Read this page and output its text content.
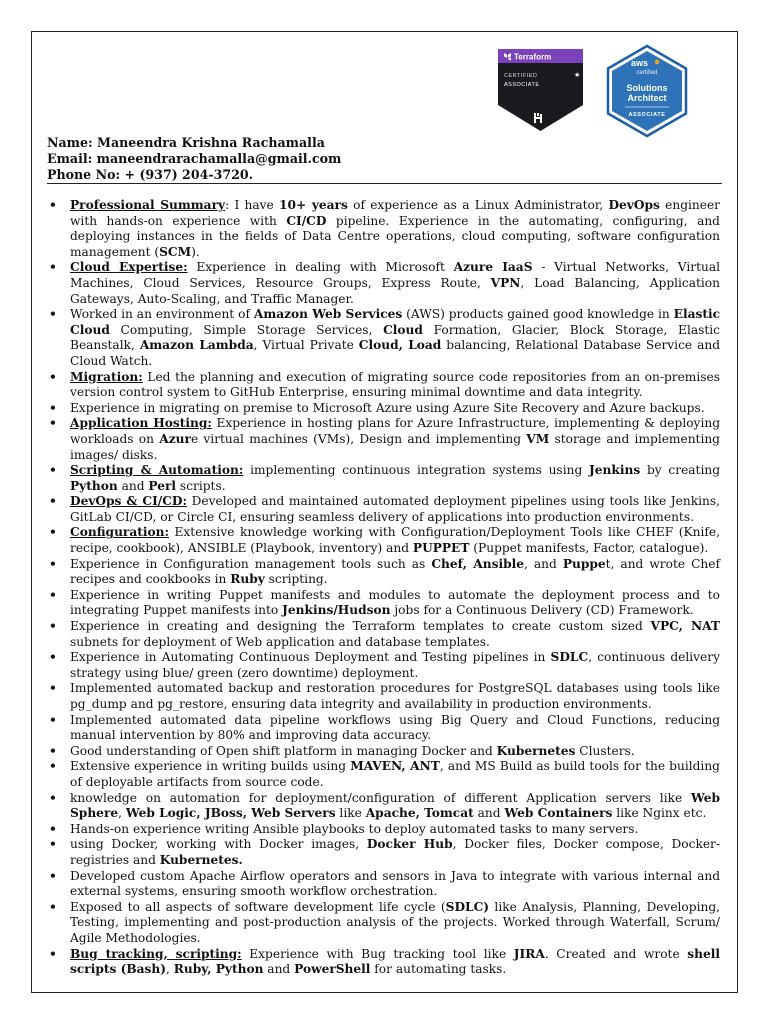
Terraform
CERTIFIED
ASSOCIATE
★
aws
certified
Solutions
Architect
ASSOCIATE
Name: Maneendra Krishna Rachamalla
Email: maneendrarachamalla@gmail.com
Phone No: + (937) 204-3720.
• Professional Summary: I have 10+ years of experience as a Linux Administrator, DevOps engineer with hands-on experience with CI/CD pipeline. Experience in the automating, configuring, and deploying instances in the fields of Data Centre operations, cloud computing, software configuration management (SCM).
• Cloud Expertise: Experience in dealing with Microsoft Azure IaaS - Virtual Networks, Virtual Machines, Cloud Services, Resource Groups, Express Route, VPN, Load Balancing, Application Gateways, Auto-Scaling, and Traffic Manager.
• Worked in an environment of Amazon Web Services (AWS) products gained good knowledge in Elastic Cloud Computing, Simple Storage Services, Cloud Formation, Glacier, Block Storage, Elastic Beanstalk, Amazon Lambda, Virtual Private Cloud, Load balancing, Relational Database Service and Cloud Watch.
• Migration: Led the planning and execution of migrating source code repositories from an on-premises version control system to GitHub Enterprise, ensuring minimal downtime and data integrity.
• Experience in migrating on premise to Microsoft Azure using Azure Site Recovery and Azure backups.
• Application Hosting: Experience in hosting plans for Azure Infrastructure, implementing & deploying workloads on Azure virtual machines (VMs), Design and implementing VM storage and implementing images/ disks.
• Scripting & Automation: implementing continuous integration systems using Jenkins by creating Python and Perl scripts.
• DevOps & CI/CD: Developed and maintained automated deployment pipelines using tools like Jenkins, GitLab CI/CD, or Circle CI, ensuring seamless delivery of applications into production environments.
• Configuration: Extensive knowledge working with Configuration/Deployment Tools like CHEF (Knife, recipe, cookbook), ANSIBLE (Playbook, inventory) and PUPPET (Puppet manifests, Factor, catalogue).
• Experience in Configuration management tools such as Chef, Ansible, and Puppet, and wrote Chef recipes and cookbooks in Ruby scripting.
• Experience in writing Puppet manifests and modules to automate the deployment process and to integrating Puppet manifests into Jenkins/Hudson jobs for a Continuous Delivery (CD) Framework.
• Experience in creating and designing the Terraform templates to create custom sized VPC, NAT subnets for deployment of Web application and database templates.
• Experience in Automating Continuous Deployment and Testing pipelines in SDLC, continuous delivery strategy using blue/ green (zero downtime) deployment.
• Implemented automated backup and restoration procedures for PostgreSQL databases using tools like pg_dump and pg_restore, ensuring data integrity and availability in production environments.
• Implemented automated data pipeline workflows using Big Query and Cloud Functions, reducing manual intervention by 80% and improving data accuracy.
• Good understanding of Open shift platform in managing Docker and Kubernetes Clusters.
• Extensive experience in writing builds using MAVEN, ANT, and MS Build as build tools for the building of deployable artifacts from source code.
• knowledge on automation for deployment/configuration of different Application servers like Web Sphere, Web Logic, JBoss, Web Servers like Apache, Tomcat and Web Containers like Nginx etc.
• Hands-on experience writing Ansible playbooks to deploy automated tasks to many servers.
• using Docker, working with Docker images, Docker Hub, Docker files, Docker compose, Docker-registries and Kubernetes.
• Developed custom Apache Airflow operators and sensors in Java to integrate with various internal and external systems, ensuring smooth workflow orchestration.
• Exposed to all aspects of software development life cycle (SDLC) like Analysis, Planning, Developing, Testing, implementing and post-production analysis of the projects. Worked through Waterfall, Scrum/ Agile Methodologies.
• Bug tracking, scripting: Experience with Bug tracking tool like JIRA. Created and wrote shell scripts (Bash), Ruby, Python and PowerShell for automating tasks.
